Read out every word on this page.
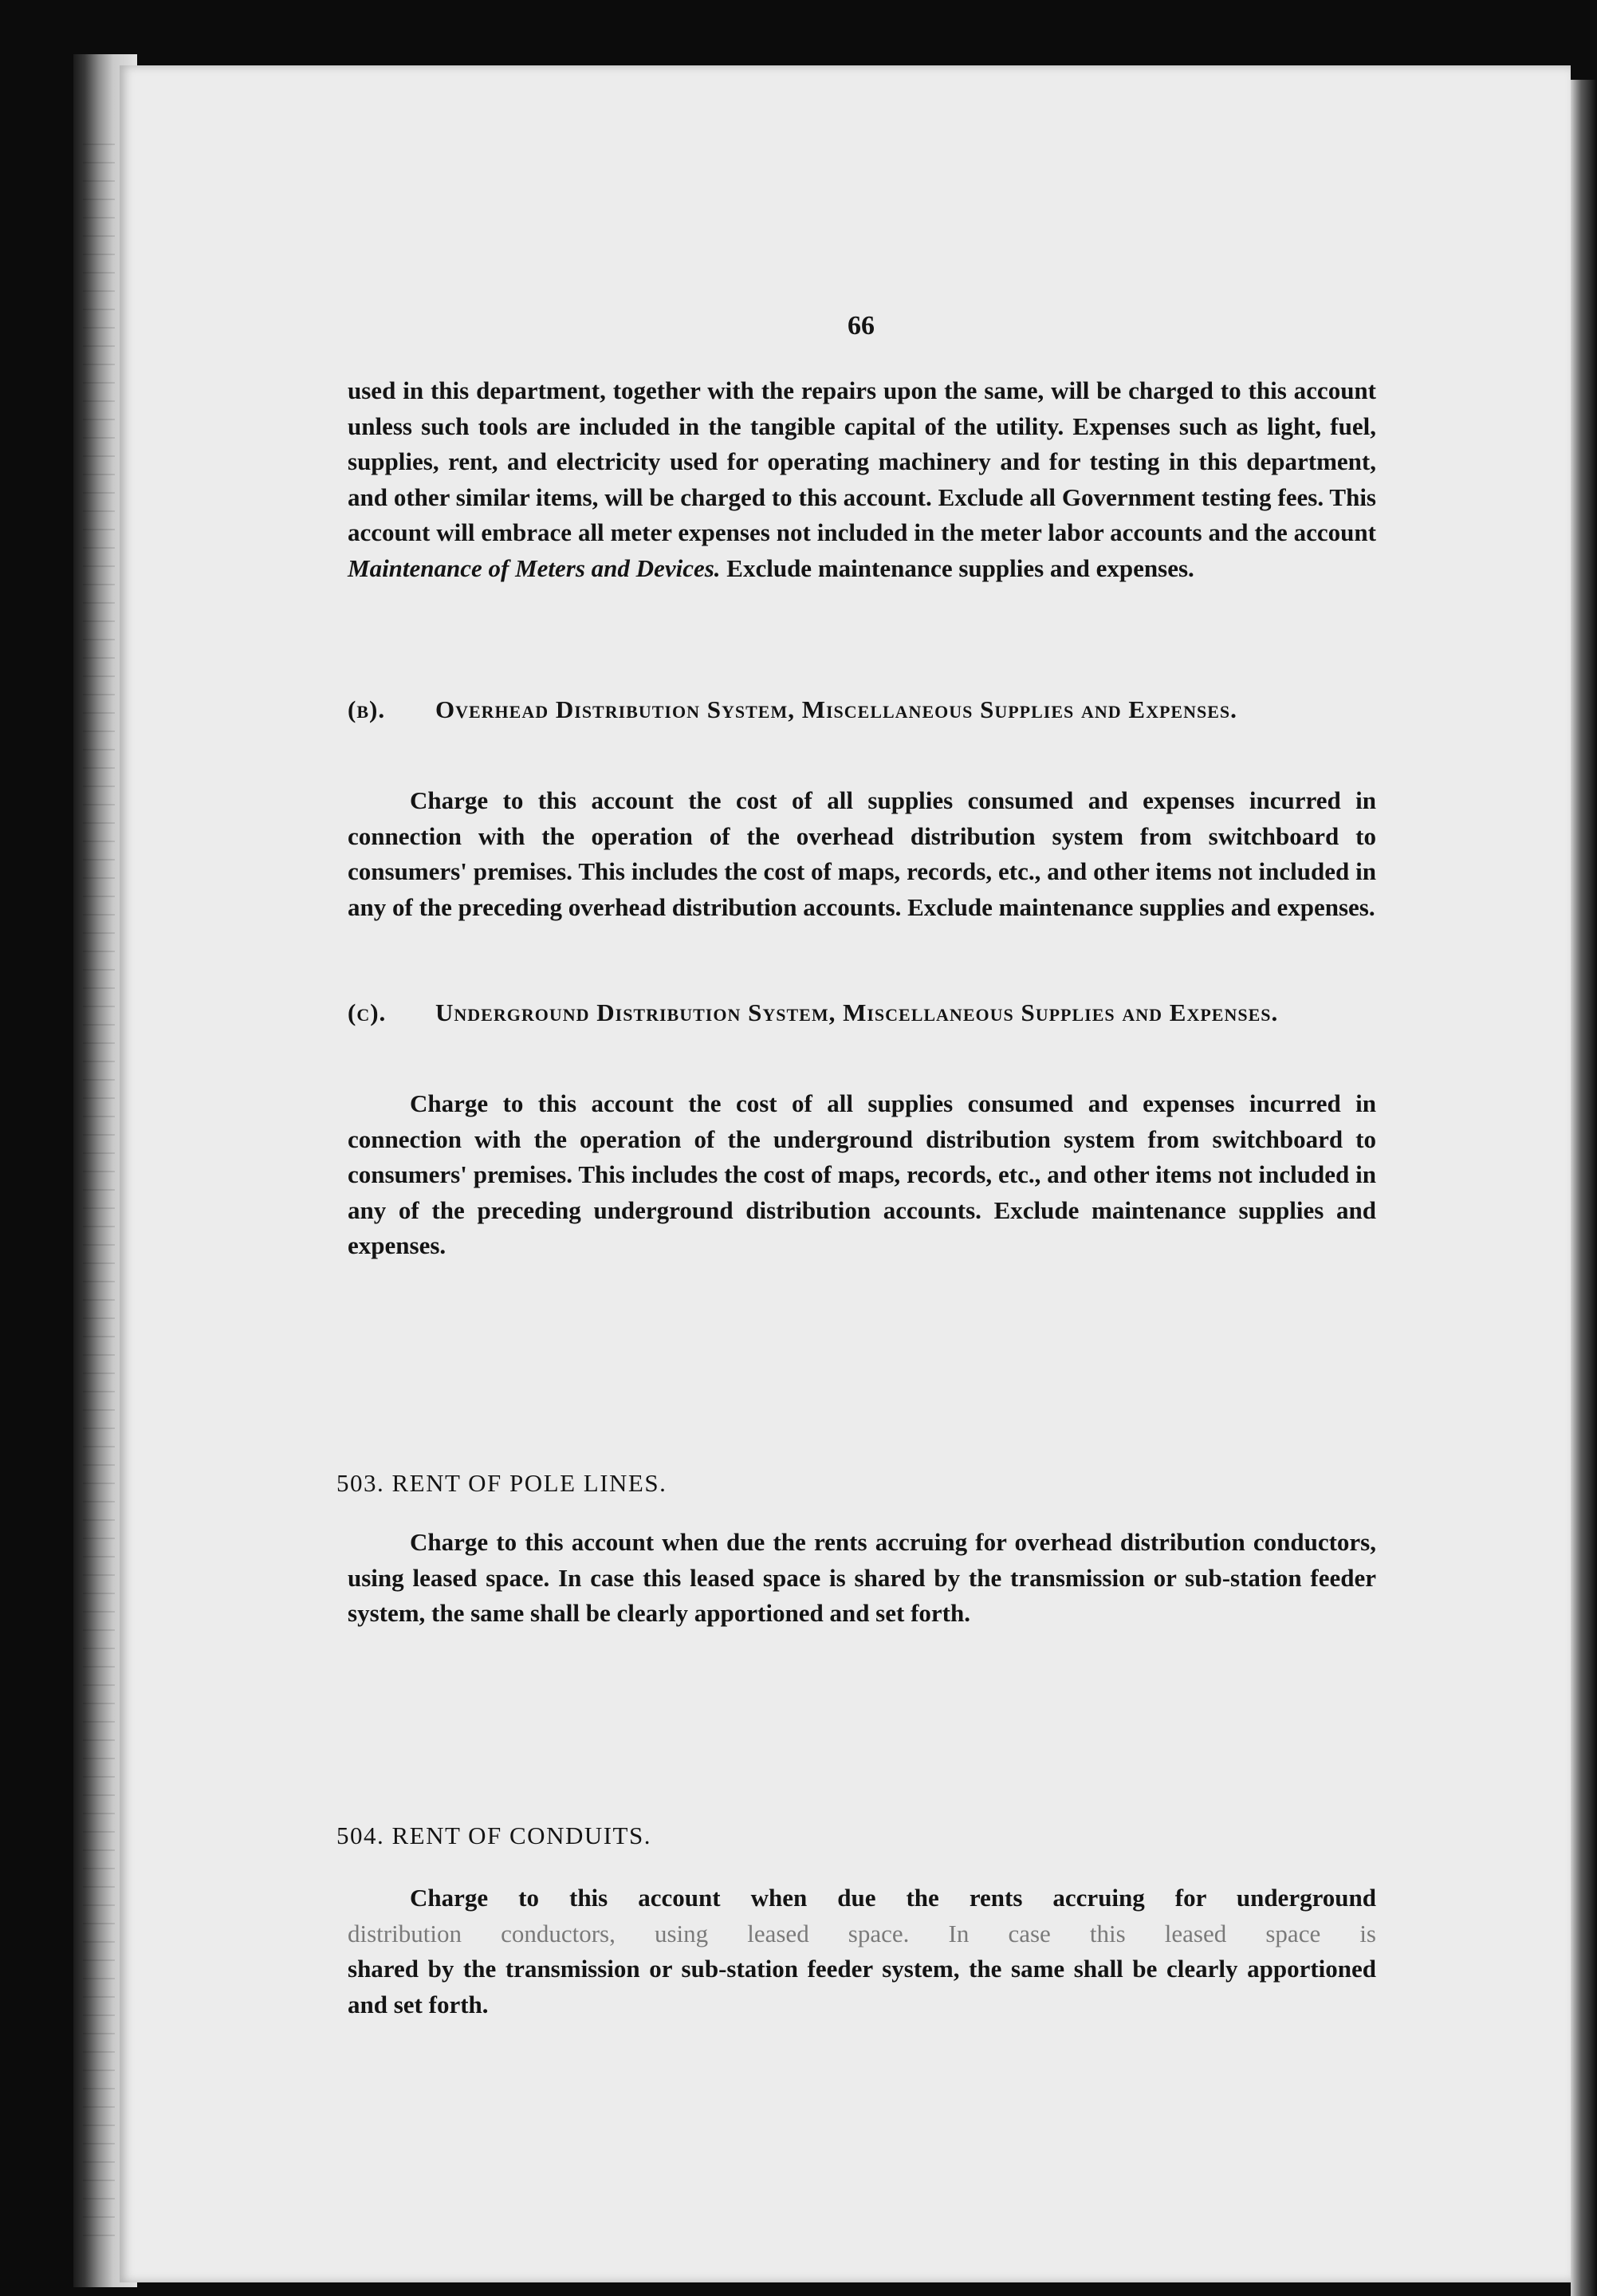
66

used in this department, together with the repairs upon the same, will be charged to this account unless such tools are included in the tangible capital of the utility. Expenses such as light, fuel, supplies, rent, and electricity used for operating machinery and for testing in this department, and other similar items, will be charged to this account. Exclude all Government testing fees. This account will embrace all meter expenses not included in the meter labor accounts and the account Maintenance of Meters and Devices. Exclude maintenance supplies and expenses.

(b). Overhead Distribution System, Miscellaneous Supplies and Expenses.

Charge to this account the cost of all supplies consumed and expenses incurred in connection with the operation of the overhead distribution system from switchboard to consumers' premises. This includes the cost of maps, records, etc., and other items not included in any of the preceding overhead distribution accounts. Exclude maintenance supplies and expenses.

(c). Underground Distribution System, Miscellaneous Supplies and Expenses.

Charge to this account the cost of all supplies consumed and expenses incurred in connection with the operation of the underground distribution system from switchboard to consumers' premises. This includes the cost of maps, records, etc., and other items not included in any of the preceding underground distribution accounts. Exclude maintenance supplies and expenses.

503. RENT OF POLE LINES.

Charge to this account when due the rents accruing for overhead distribution conductors, using leased space. In case this leased space is shared by the transmission or sub-station feeder system, the same shall be clearly apportioned and set forth.

504. RENT OF CONDUITS.

Charge to this account when due the rents accruing for underground

distribution conductors, using leased space. In case this leased space is

shared by the transmission or sub-station feeder system, the same shall be clearly apportioned and set forth.
